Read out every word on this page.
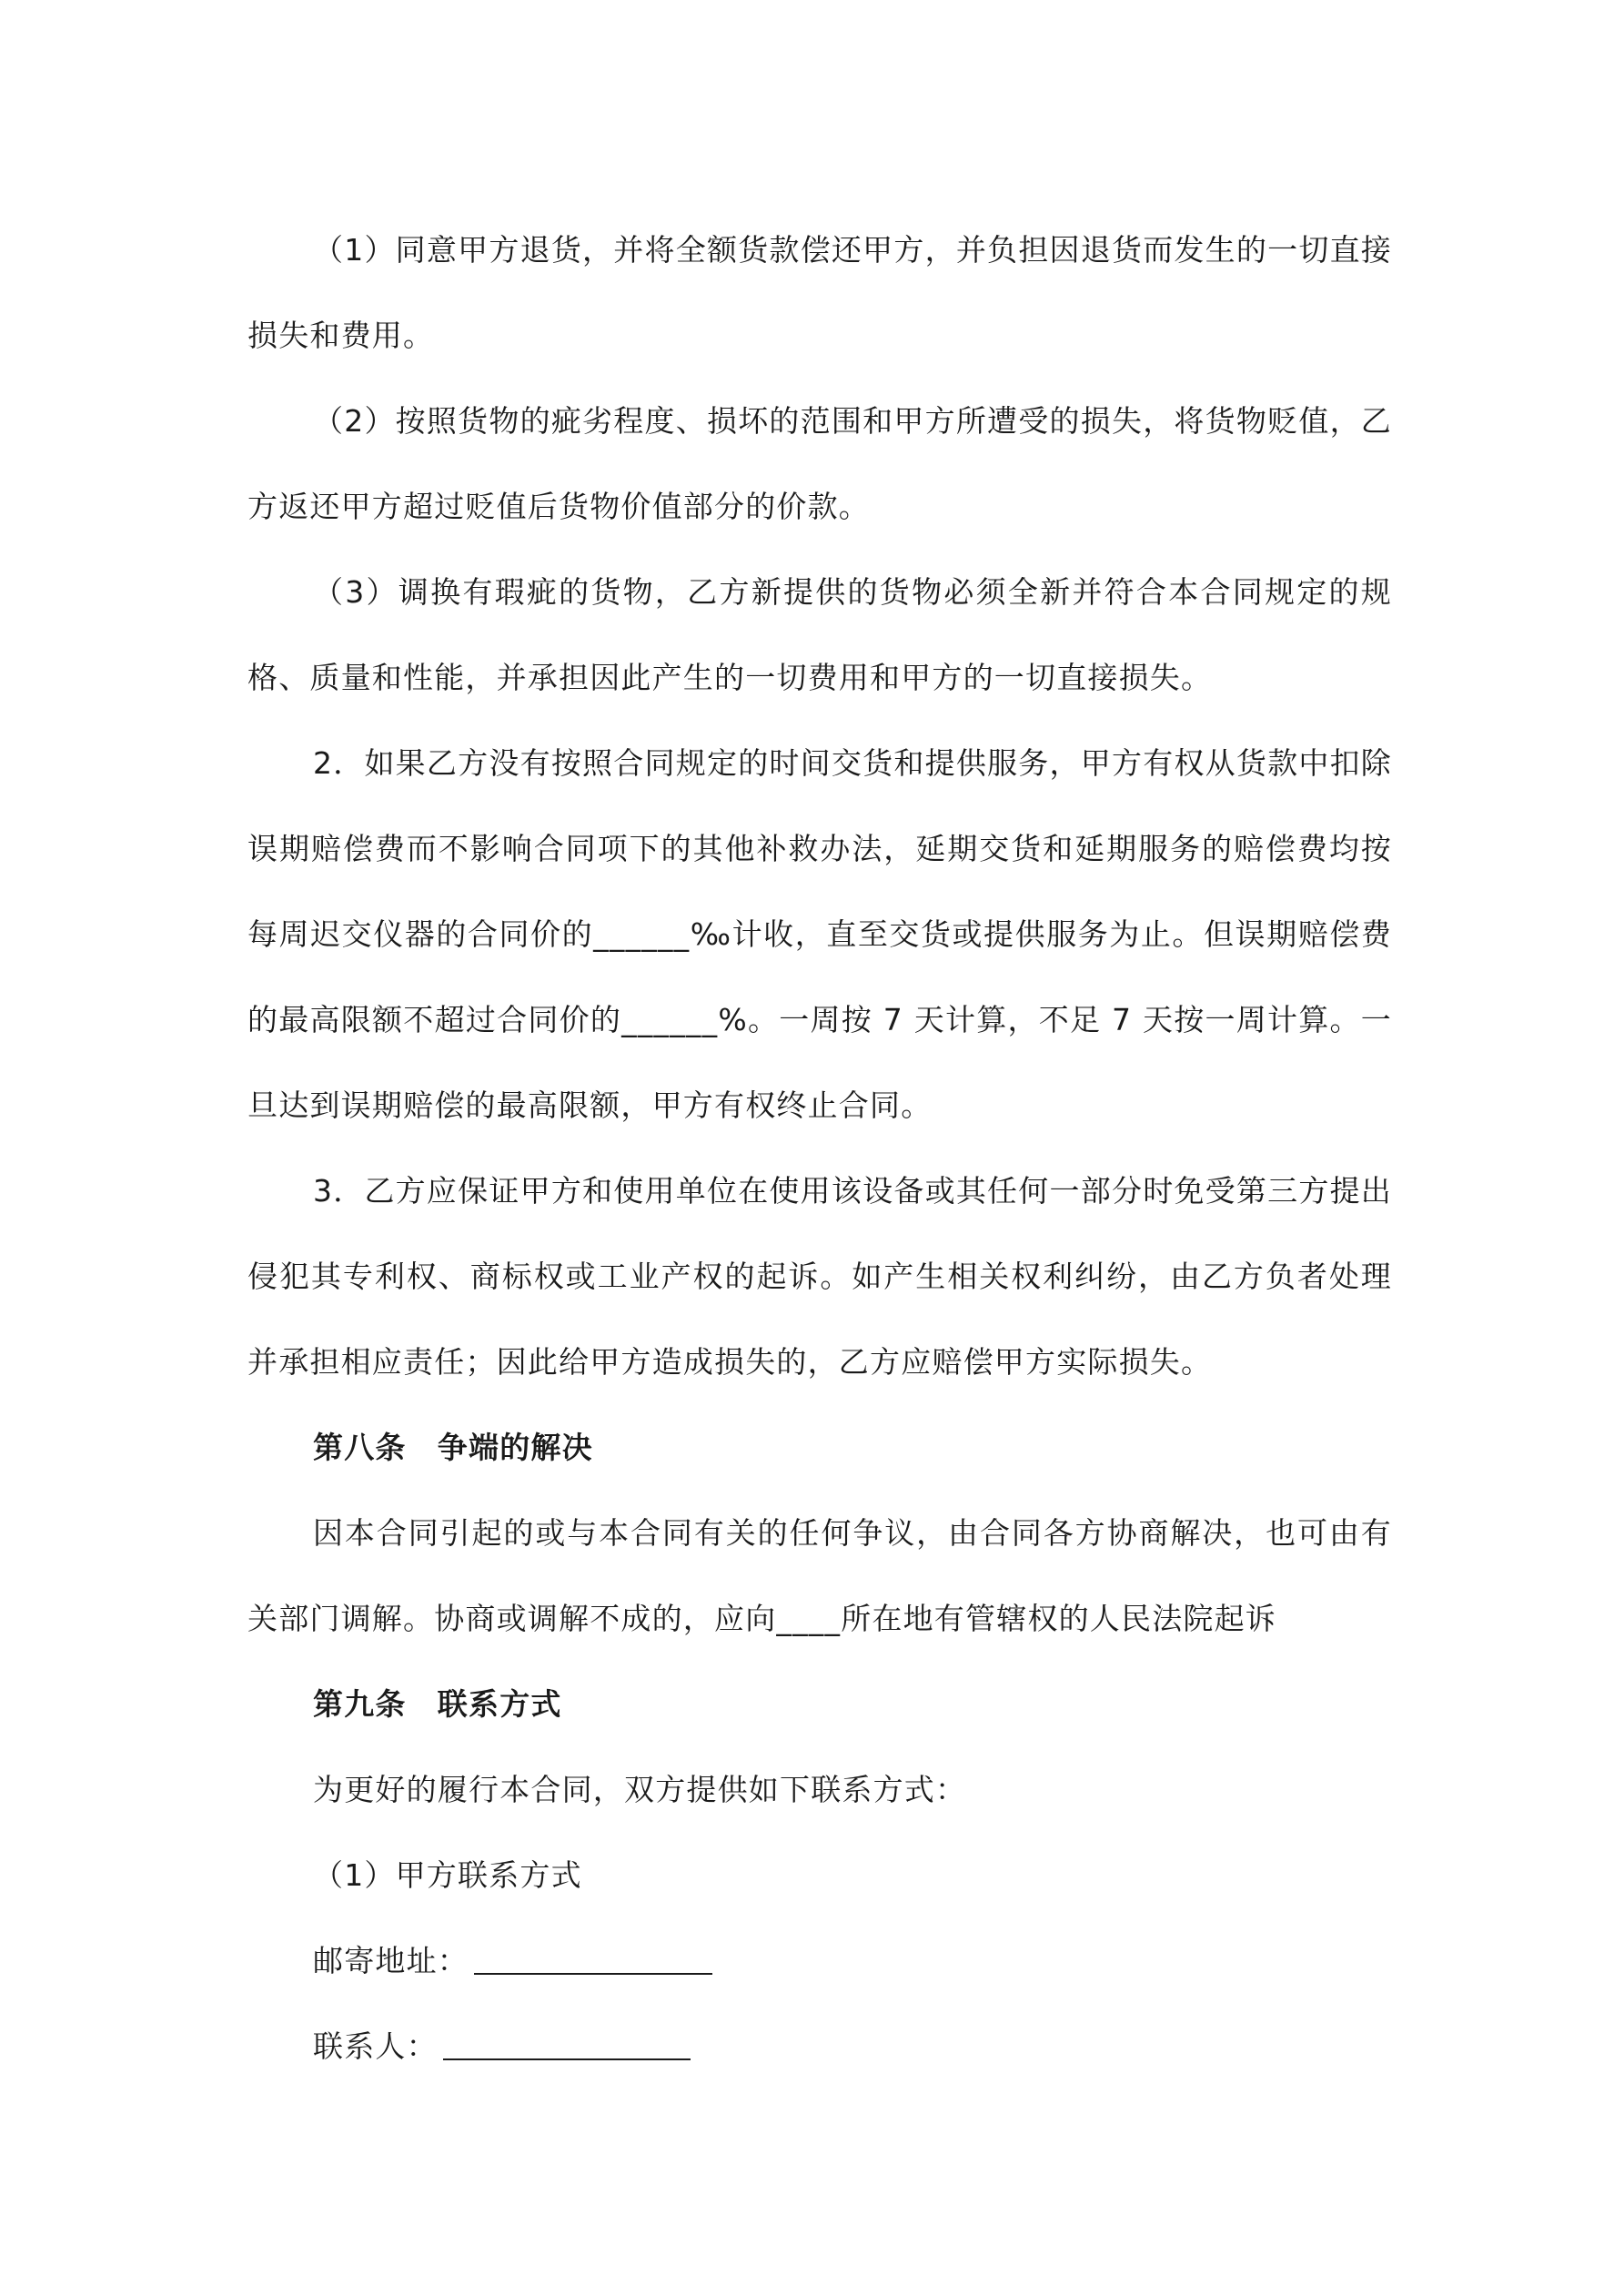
（1）同意甲方退货，并将全额货款偿还甲方，并负担因退货而发生的一切直接损失和费用。

（2）按照货物的疵劣程度、损坏的范围和甲方所遭受的损失，将货物贬值，乙方返还甲方超过贬值后货物价值部分的价款。

（3）调换有瑕疵的货物，乙方新提供的货物必须全新并符合本合同规定的规格、质量和性能，并承担因此产生的一切费用和甲方的一切直接损失。

2．如果乙方没有按照合同规定的时间交货和提供服务，甲方有权从货款中扣除误期赔偿费而不影响合同项下的其他补救办法，延期交货和延期服务的赔偿费均按每周迟交仪器的合同价的______‰计收，直至交货或提供服务为止。但误期赔偿费的最高限额不超过合同价的______%。一周按 7 天计算，不足 7 天按一周计算。一旦达到误期赔偿的最高限额，甲方有权终止合同。

3．乙方应保证甲方和使用单位在使用该设备或其任何一部分时免受第三方提出侵犯其专利权、商标权或工业产权的起诉。如产生相关权利纠纷，由乙方负者处理并承担相应责任；因此给甲方造成损失的，乙方应赔偿甲方实际损失。

第八条　争端的解决

因本合同引起的或与本合同有关的任何争议，由合同各方协商解决，也可由有关部门调解。协商或调解不成的，应向____所在地有管辖权的人民法院起诉

第九条　联系方式

为更好的履行本合同，双方提供如下联系方式：

（1）甲方联系方式

邮寄地址：
联系人：
